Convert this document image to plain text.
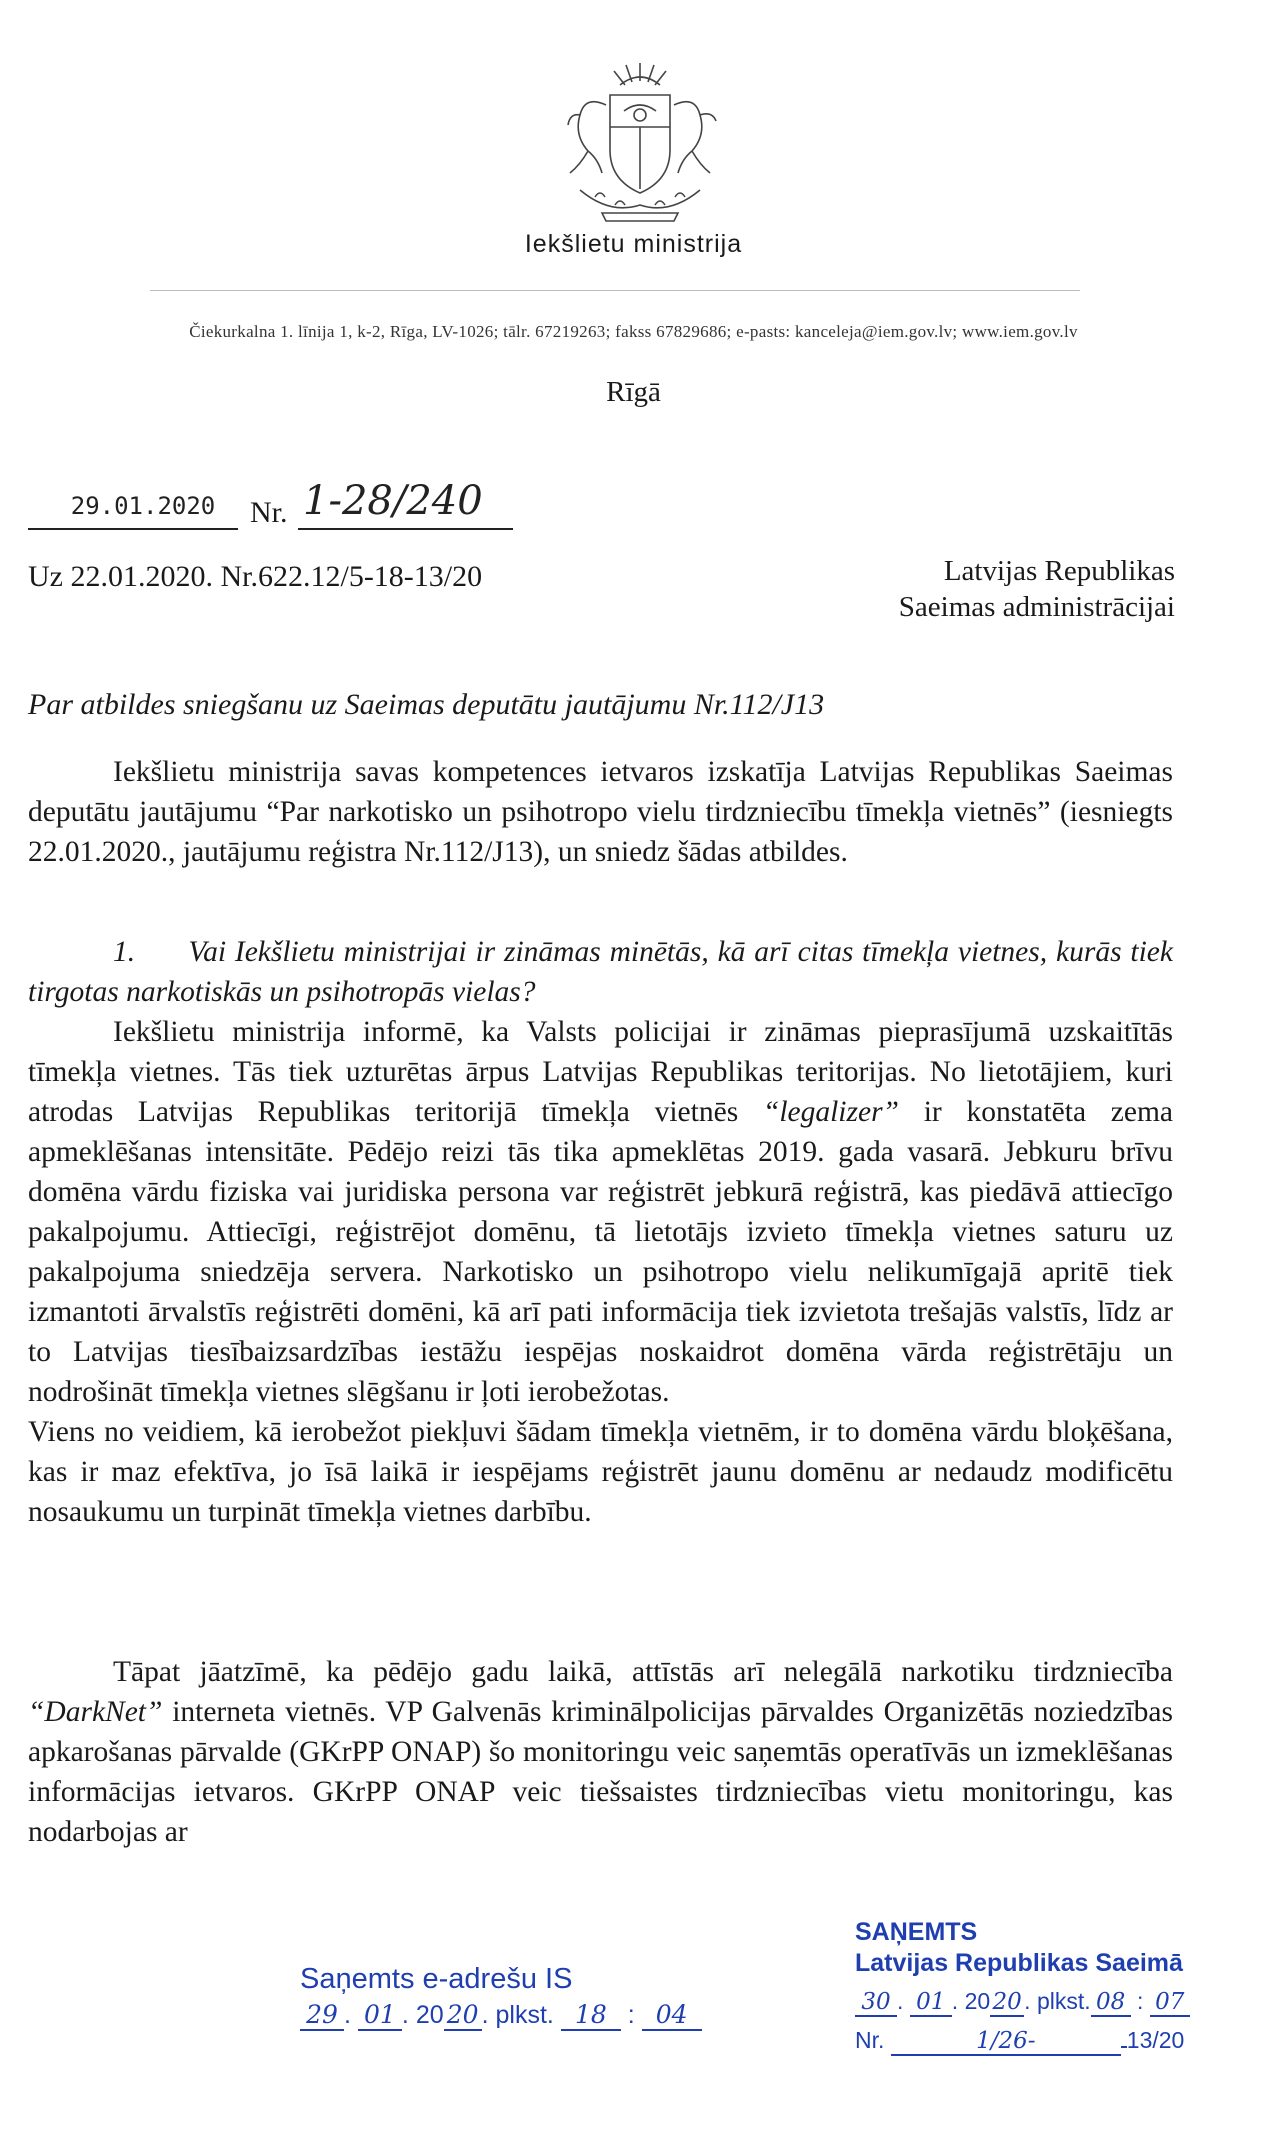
Iekšlietu ministrija
Čiekurkalna 1. līnija 1, k-2, Rīga, LV-1026; tālr. 67219263; fakss 67829686; e-pasts: kanceleja@iem.gov.lv; www.iem.gov.lv
Rīgā
29.01.2020	Nr. 1-28/240
Uz 22.01.2020. Nr.622.12/5-18-13/20	Latvijas Republikas
Saeimas administrācijai
Par atbildes sniegšanu uz Saeimas deputātu jautājumu Nr.112/J13

Iekšlietu ministrija savas kompetences ietvaros izskatīja Latvijas Republikas Saeimas deputātu jautājumu “Par narkotisko un psihotropo vielu tirdzniecību tīmekļa vietnēs” (iesniegts 22.01.2020., jautājumu reģistra Nr.112/J13), un sniedz šādas atbildes.

1. Vai Iekšlietu ministrijai ir zināmas minētās, kā arī citas tīmekļa vietnes, kurās tiek tirgotas narkotiskās un psihotropās vielas?

Iekšlietu ministrija informē, ka Valsts policijai ir zināmas pieprasījumā uzskaitītās tīmekļa vietnes. Tās tiek uzturētas ārpus Latvijas Republikas teritorijas. No lietotājiem, kuri atrodas Latvijas Republikas teritorijā tīmekļa vietnēs “legalizer” ir konstatēta zema apmeklēšanas intensitāte. Pēdējo reizi tās tika apmeklētas 2019. gada vasarā. Jebkuru brīvu domēna vārdu fiziska vai juridiska persona var reģistrēt jebkurā reģistrā, kas piedāvā attiecīgo pakalpojumu. Attiecīgi, reģistrējot domēnu, tā lietotājs izvieto tīmekļa vietnes saturu uz pakalpojuma sniedzēja servera. Narkotisko un psihotropo vielu nelikumīgajā apritē tiek izmantoti ārvalstīs reģistrēti domēni, kā arī pati informācija tiek izvietota trešajās valstīs, līdz ar to Latvijas tiesībaizsardzības iestāžu iespējas noskaidrot domēna vārda reģistrētāju un nodrošināt tīmekļa vietnes slēgšanu ir ļoti ierobežotas.

Viens no veidiem, kā ierobežot piekļuvi šādam tīmekļa vietnēm, ir to domēna vārdu bloķēšana, kas ir maz efektīva, jo īsā laikā ir iespējams reģistrēt jaunu domēnu ar nedaudz modificētu nosaukumu un turpināt tīmekļa vietnes darbību.

Tāpat jāatzīmē, ka pēdējo gadu laikā, attīstās arī nelegālā narkotiku tirdzniecība “DarkNet” interneta vietnēs. VP Galvenās kriminālpolicijas pārvaldes Organizētās noziedzības apkarošanas pārvalde (GKrPP ONAP) šo monitoringu veic saņemtās operatīvās un izmeklēšanas informācijas ietvaros. GKrPP ONAP veic tiešsaistes tirdzniecības vietu monitoringu, kas nodarbojas ar

Saņemts e-adrešu IS
29 . 01 . 20 20 . plkst. 18 : 04
SAŅEMTS
Latvijas Republikas Saeimā
30 . 01 . 20 20 . plkst. 08 : 07
Nr.	1/26-	13/20
